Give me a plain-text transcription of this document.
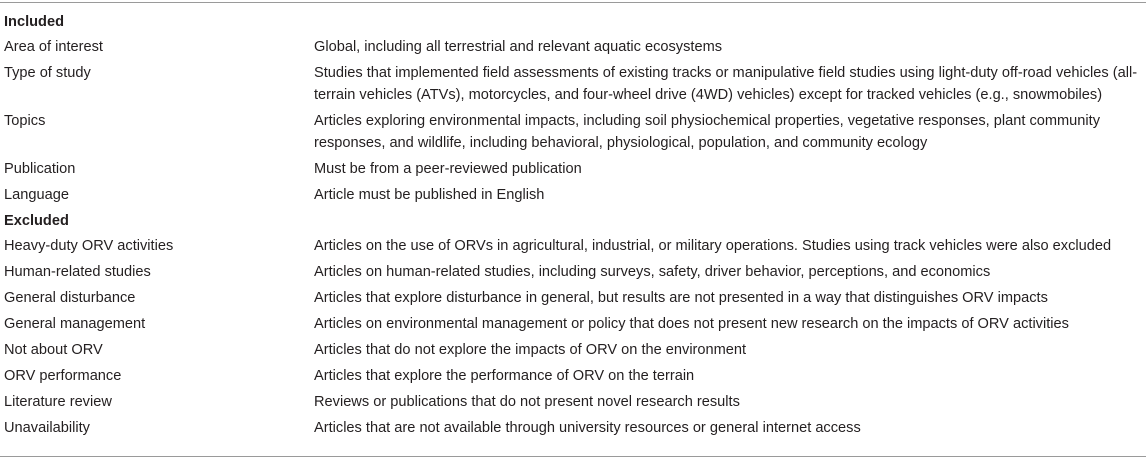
Included	
Area of interest	Global, including all terrestrial and relevant aquatic ecosystems
Type of study	Studies that implemented field assessments of existing tracks or manipulative field studies using light-duty off-road vehicles (all-terrain vehicles (ATVs), motorcycles, and four-wheel drive (4WD) vehicles) except for tracked vehicles (e.g., snowmobiles)
Topics	Articles exploring environmental impacts, including soil physiochemical properties, vegetative responses, plant community responses, and wildlife, including behavioral, physiological, population, and community ecology
Publication	Must be from a peer-reviewed publication
Language	Article must be published in English
Excluded	
Heavy-duty ORV activities	Articles on the use of ORVs in agricultural, industrial, or military operations. Studies using track vehicles were also excluded
Human-related studies	Articles on human-related studies, including surveys, safety, driver behavior, perceptions, and economics
General disturbance	Articles that explore disturbance in general, but results are not presented in a way that distinguishes ORV impacts
General management	Articles on environmental management or policy that does not present new research on the impacts of ORV activities
Not about ORV	Articles that do not explore the impacts of ORV on the environment
ORV performance	Articles that explore the performance of ORV on the terrain
Literature review	Reviews or publications that do not present novel research results
Unavailability	Articles that are not available through university resources or general internet access
